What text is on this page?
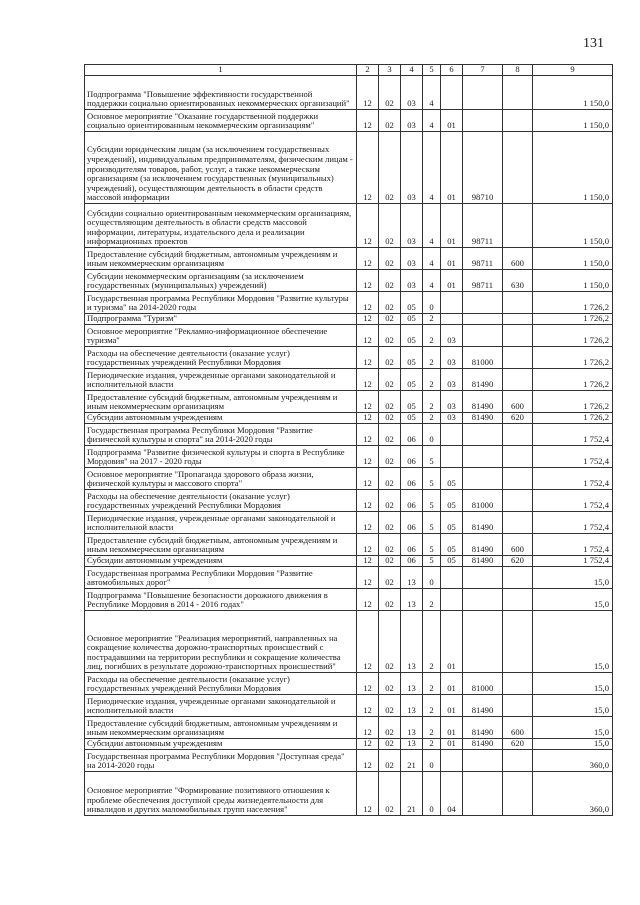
131
1	2	3	4	5	6	7	8	9
Подпрограмма "Повышение эффективности государственной поддержки социально ориентированных некоммерческих организаций"	12	02	03	4				1 150,0
Основное мероприятие "Оказание государственной поддержки социально ориентированным некоммерческим организациям"	12	02	03	4	01			1 150,0
Субсидии юридическим лицам (за исключением государственных учреждений), индивидуальным предпринимателям, физическим лицам - производителям товаров, работ, услуг, а также некоммерческим организациям (за исключением государственных (муниципальных) учреждений), осуществляющим деятельность в области средств массовой информации	12	02	03	4	01	98710		1 150,0
Субсидии социально ориентированным некоммерческим организациям, осуществляющим деятельность в области средств массовой информации, литературы, издательского дела и реализации информационных проектов	12	02	03	4	01	98711		1 150,0
Предоставление субсидий бюджетным, автономным учреждениям и иным некоммерческим организациям	12	02	03	4	01	98711	600	1 150,0
Субсидии некоммерческим организациям (за исключением государственных (муниципальных) учреждений)	12	02	03	4	01	98711	630	1 150,0
Государственная программа Республики Мордовия "Развитие культуры и туризма" на 2014-2020 годы	12	02	05	0				1 726,2
Подпрограмма "Туризм"	12	02	05	2				1 726,2
Основное мероприятие "Рекламно-информационное обеспечение туризма"	12	02	05	2	03			1 726,2
Расходы на обеспечение деятельности (оказание услуг) государственных учреждений Республики Мордовия	12	02	05	2	03	81000		1 726,2
Периодические издания, учрежденные органами законодательной и исполнительной власти	12	02	05	2	03	81490		1 726,2
Предоставление субсидий бюджетным, автономным учреждениям и иным некоммерческим организациям	12	02	05	2	03	81490	600	1 726,2
Субсидии автономным учреждениям	12	02	05	2	03	81490	620	1 726,2
Государственная программа Республики Мордовия "Развитие физической культуры и спорта" на 2014-2020 годы	12	02	06	0				1 752,4
Подпрограмма "Развитие физической культуры и спорта в Республике Мордовия" на 2017 - 2020 годы	12	02	06	5				1 752,4
Основное мероприятие "Пропаганда здорового образа жизни, физической культуры и массового спорта"	12	02	06	5	05			1 752,4
Расходы на обеспечение деятельности (оказание услуг) государственных учреждений Республики Мордовия	12	02	06	5	05	81000		1 752,4
Периодические издания, учрежденные органами законодательной и исполнительной власти	12	02	06	5	05	81490		1 752,4
Предоставление субсидий бюджетным, автономным учреждениям и иным некоммерческим организациям	12	02	06	5	05	81490	600	1 752,4
Субсидии автономным учреждениям	12	02	06	5	05	81490	620	1 752,4
Государственная программа Республики Мордовия "Развитие автомобильных дорог"	12	02	13	0				15,0
Подпрограмма "Повышение безопасности дорожного движения в Республике Мордовия в 2014 - 2016 годах"	12	02	13	2				15,0
Основное мероприятие "Реализация мероприятий, направленных на сокращение количества дорожно-транспортных происшествий с пострадавшими на территории республики и сокращение количества лиц, погибших в результате дорожно-транспортных происшествий"	12	02	13	2	01			15,0
Расходы на обеспечение деятельности (оказание услуг) государственных учреждений Республики Мордовия	12	02	13	2	01	81000		15,0
Периодические издания, учрежденные органами законодательной и исполнительной власти	12	02	13	2	01	81490		15,0
Предоставление субсидий бюджетным, автономным учреждениям и иным некоммерческим организациям	12	02	13	2	01	81490	600	15,0
Субсидии автономным учреждениям	12	02	13	2	01	81490	620	15,0
Государственная программа Республики Мордовия "Доступная среда" на 2014-2020 годы	12	02	21	0				360,0
Основное мероприятие "Формирование позитивного отношения к проблеме обеспечения доступной среды жизнедеятельности для инвалидов и других маломобильных групп населения"	12	02	21	0	04			360,0
